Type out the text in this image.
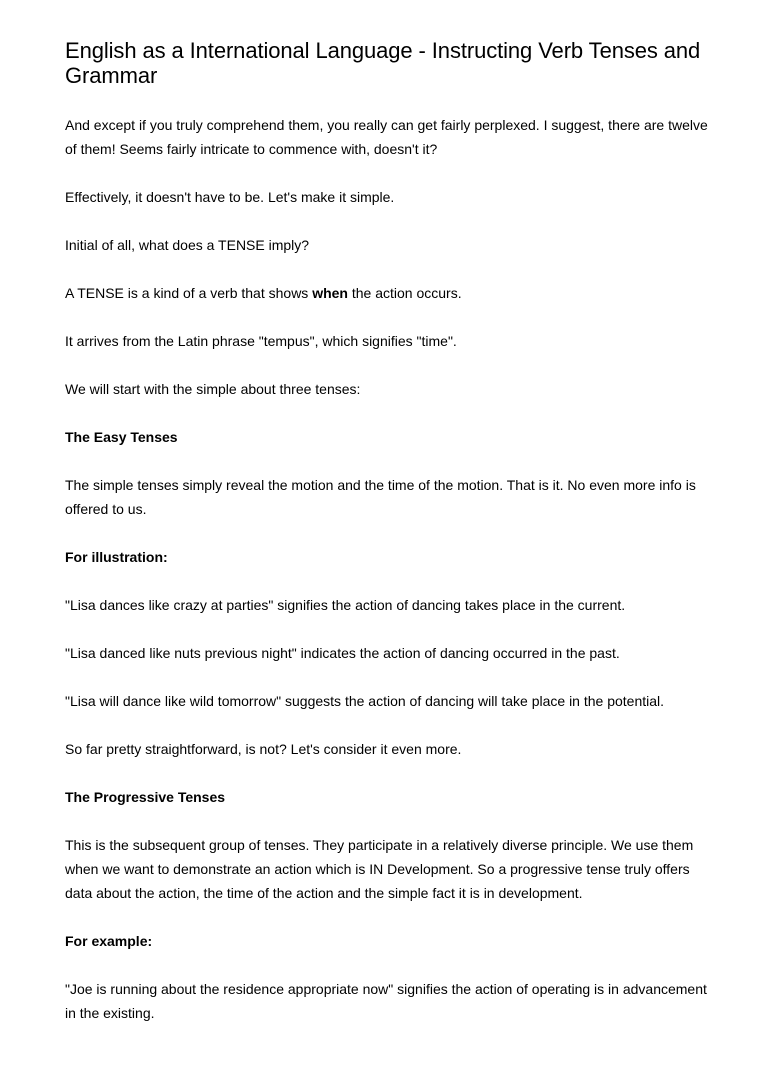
English as a International Language - Instructing Verb Tenses and Grammar

And except if you truly comprehend them, you really can get fairly perplexed. I suggest, there are twelve of them! Seems fairly intricate to commence with, doesn't it?

Effectively, it doesn't have to be. Let's make it simple.

Initial of all, what does a TENSE imply?

A TENSE is a kind of a verb that shows when the action occurs.

It arrives from the Latin phrase "tempus", which signifies "time".

We will start with the simple about three tenses:

The Easy Tenses

The simple tenses simply reveal the motion and the time of the motion. That is it. No even more info is offered to us.

For illustration:

"Lisa dances like crazy at parties" signifies the action of dancing takes place in the current.

"Lisa danced like nuts previous night" indicates the action of dancing occurred in the past.

"Lisa will dance like wild tomorrow" suggests the action of dancing will take place in the potential.

So far pretty straightforward, is not? Let's consider it even more.

The Progressive Tenses

This is the subsequent group of tenses. They participate in a relatively diverse principle. We use them when we want to demonstrate an action which is IN Development. So a progressive tense truly offers data about the action, the time of the action and the simple fact it is in development.

For example:

"Joe is running about the residence appropriate now" signifies the action of operating is in advancement in the existing.
